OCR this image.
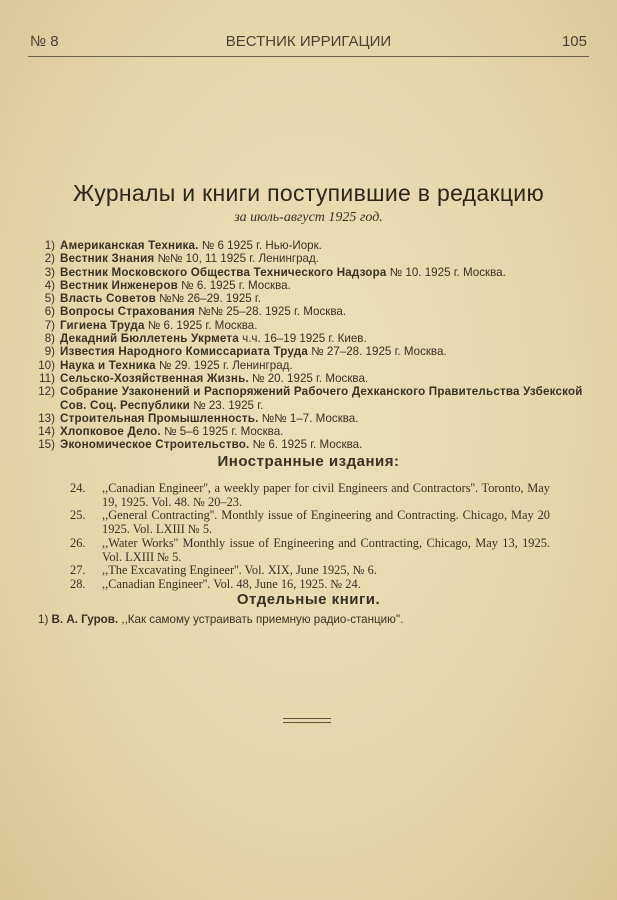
№ 8	ВЕСТНИК ИРРИГАЦИИ	105
Журналы и книги поступившие в редакцию
за июль-август 1925 год.
1) Американская Техника. № 6 1925 г. Нью-Иорк.
2) Вестник Знания №№ 10, 11 1925 г. Ленинград.
3) Вестник Московского Общества Технического Надзора № 10. 1925 г. Москва.
4) Вестник Инженеров № 6. 1925 г. Москва.
5) Власть Советов №№ 26–29. 1925 г.
6) Вопросы Страхования №№ 25–28. 1925 г. Москва.
7) Гигиена Труда № 6. 1925 г. Москва.
8) Декадний Бюллетень Укрмета ч.ч. 16–19 1925 г. Киев.
9) Известия Народного Комиссариата Труда № 27–28. 1925 г. Москва.
10) Наука и Техника № 29. 1925 г. Ленинград.
11) Сельско-Хозяйственная Жизнь. № 20. 1925 г. Москва.
12) Собрание Узаконений и Распоряжений Рабочего Дехканского Правительства Узбекской Сов. Соц. Республики № 23. 1925 г.
13) Строительная Промышленность. №№ 1–7. Москва.
14) Хлопковое Дело. № 5–6 1925 г. Москва.
15) Экономическое Строительство. № 6. 1925 г. Москва.
Иностранные издания:
24.	,,Canadian Engineer'', a weekly paper for civil Engineers and Contractors''. Toronto, May 19, 1925. Vol. 48. № 20–23.
25.	,,General Contracting''. Monthly issue of Engineering and Contracting. Chicago, May 20 1925. Vol. LXIII № 5.
26.	,,Water Works'' Monthly issue of Engineering and Contracting, Chicago, May 13, 1925. Vol. LXIII № 5.
27.	,,The Excavating Engineer''. Vol. XIX, June 1925, № 6.
28.	,,Canadian Engineer''. Vol. 48, June 16, 1925. № 24.
Отдельные книги.
1) В. А. Гуров. ,,Как самому устраивать приемную радио-станцию''.
